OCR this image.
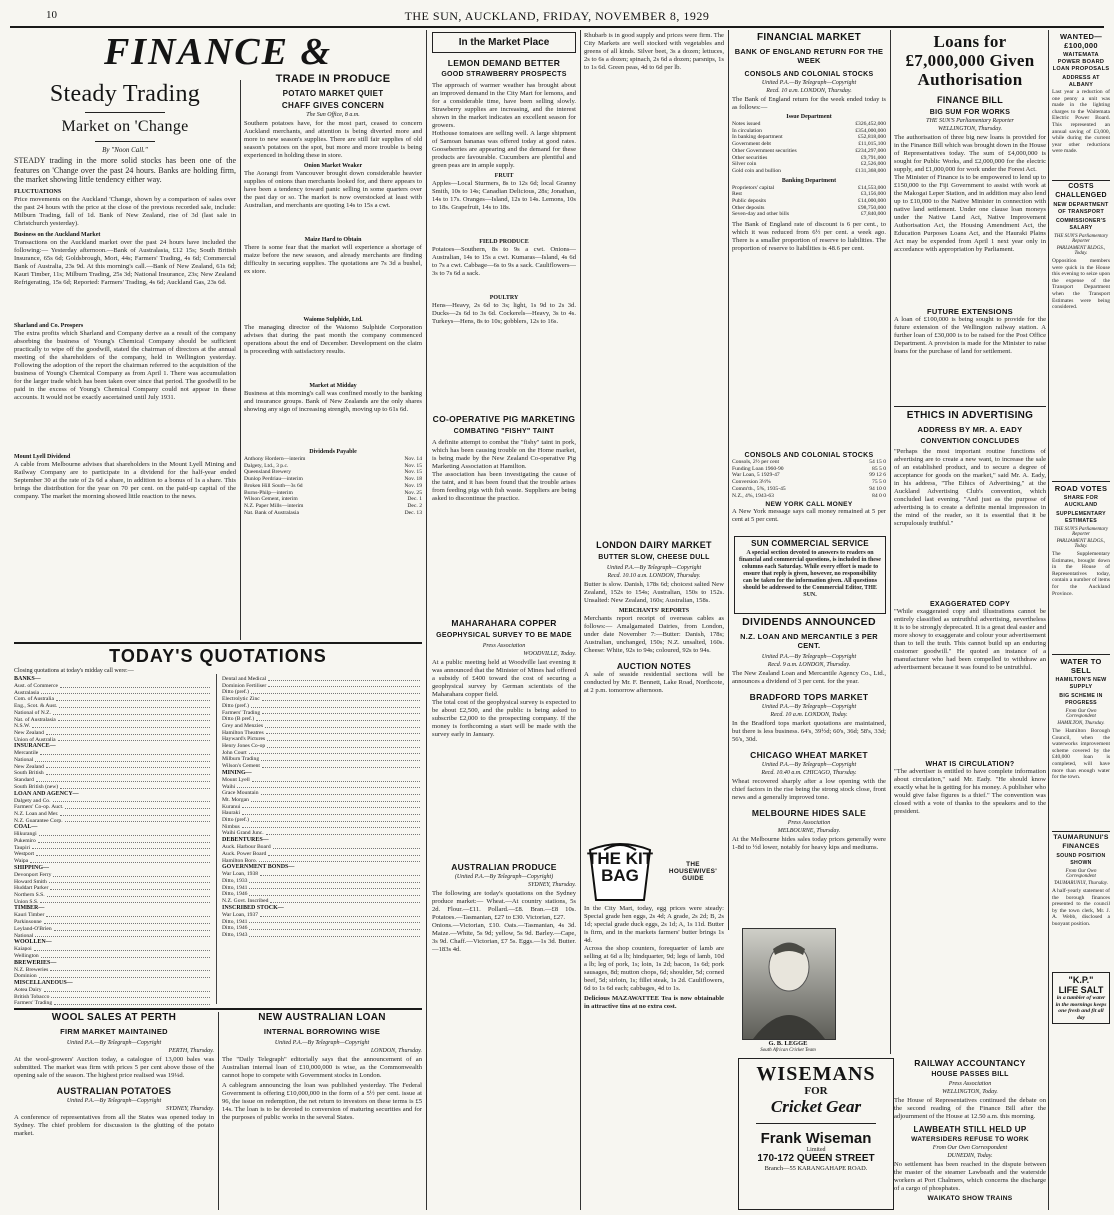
10	THE SUN, AUCKLAND, FRIDAY, NOVEMBER 8, 1929
FINANCE &
Steady Trading
Market on 'Change
By "Noon Call."

STEADY trading in the more solid stocks has been one of the features on 'Change over the past 24 hours. Banks are holding firm, the market showing little tendency either way.

FLUCTUATIONS

Price movements on the Auckland 'Change, shown by a comparison of sales over the past 24 hours with the price at the close of the previous recorded sale, include: Milburn Trading, fall of 1d. Bank of New Zealand, rise of 3d (last sale in Christchurch yesterday).

Business on the Auckland Market

Transactions on the Auckland market over the past 24 hours have included the following:— Yesterday afternoon.—Bank of Australasia, £12 15s; South British Insurance, 65s 6d; Goldsbrough, Mort, 44s; Farmers' Trading, 4s 6d; Commercial Bank of Australia, 23s 9d. At this morning's call.—Bank of New Zealand, 61s 6d; Kauri Timber, 11s; Milburn Trading, 25s 3d; National Insurance, 23s; New Zealand Refrigerating, 15s 6d; Reported: Farmers' Trading, 4s 6d; Auckland Gas, 23s 6d.

Sharland and Co. Prospers

The extra profits which Sharland and Company derive as a result of the company absorbing the business of Young's Chemical Company should be sufficient practically to wipe off the goodwill, stated the chairman of directors at the annual meeting of the shareholders of the company, held in Wellington yesterday. Following the adoption of the report the chairman referred to the acquisition of the business of Young's Chemical Company as from April 1. There was accumulation for the larger trade which has been taken over since that period. The goodwill to be paid in the excess of Young's Chemical Company could not appear in these accounts. It would not be exactly ascertained until July 1931.

Mount Lyell Dividend

A cable from Melbourne advises that shareholders in the Mount Lyell Mining and Railway Company are to participate in a dividend for the half-year ended September 30 at the rate of 2s 6d a share, in addition to a bonus of 1s a share. This brings the distribution for the year on 70 per cent. on the paid-up capital of the company. The market the morning showed little reaction to the news.

TRADE IN PRODUCE
POTATO MARKET QUIET
CHAFF GIVES CONCERN
The Sun Office, 8 a.m.

Southern potatoes have, for the most part, ceased to concern Auckland merchants, and attention is being diverted more and more to new season's supplies. There are still fair supplies of old season's potatoes on the spot, but more and more trouble is being experienced in holding these in store.

Onion Market Weaker

The Aorangi from Vancouver brought down considerable heavier supplies of onions than merchants looked for, and there appears to have been a tendency toward panic selling in some quarters over the past day or so. The market is now overstocked at least with Australian, and merchants are quoting 14s to 15s a cwt.

Maize Hard to Obtain

There is some fear that the market will experience a shortage of maize before the new season, and already merchants are finding difficulty in securing supplies. The quotations are 7s 3d a bushel, ex store.

Waiomo Sulphide, Ltd.

The managing director of the Waiomo Sulphide Corporation advises that during the past month the company commenced operations about the end of December. Development on the claim is proceeding with satisfactory results.

Market at Midday

Business at this morning's call was confined mostly to the banking and insurance groups. Bank of New Zealands are the only shares showing any sign of increasing strength, moving up to 61s 6d.

Dividends Payable
Anthony Hordern—interim	Nov. 14
Dalgety, Ltd., 3 p.c.	Nov. 15
Queensland Brewery	Nov. 15
Dunlop Perdriau—interim	Nov. 18
Broken Hill South—3s 6d	Nov. 19
Burns-Philp—interim	Nov. 25
Wilson Cement, interim	Dec. 1
N.Z. Paper Mills—interim	Dec. 2
Nat. Bank of Australasia	Dec. 13
TODAY'S QUOTATIONS
Closing quotations at today's midday call were:—
BANKS—
Aust. of Commerce
Australasia
Com. of Australia
Eng., Scot. & Aust.
National of N.Z.
Nat. of Australasia
N.S.W.
New Zealand
Union of Australia
INSURANCE—
Mercantile
National
New Zealand
South British
Standard
South British (new)
LOAN AND AGENCY—
Dalgety and Co.
Farmers' Co-op. Auct.
N.Z. Loan and Mer.
N.Z. Guarantee Corp.
COAL—
Hikurangi
Pukemiro
Taupiri
Westport
Waipa
SHIPPING—
Devonport Ferry
Howard Smith
Huddart Parker
Northern S.S.
Union S.S.
TIMBER—
Kauri Timber
Parkinsonne
Leyland-O'Brien
National
WOOLLEN—
Kaiapoi
Wellington
BREWERIES—
N.Z. Breweries
Dominion
MISCELLANEOUS—
Aotea Dairy
British Tobacco
Farmers' Trading
Dental and Medical
Dominion Fertiliser
Ditto (pref.)
Electrolytic Zinc
Ditto (pref.)
Farmers' Trading
Ditto (B pref.)
Grey and Menzies
Hamilton Theatres
Hayward's Pictures
Henry Jones Co-op
John Court
Milburn Trading
Wilson's Cement
MINING—
Mount Lyell
Waihi
Grace Mountain
Mt. Morgan
Kuranui
Hauraki
Ditto (pref.)
Nimbus
Waihi Grand Junc.
DEBENTURES—
Auck. Harbour Board
Auck. Power Board
Hamilton Boro.
GOVERNMENT BONDS—
War Loan, 1938
Ditto, 1933
Ditto, 1941
Ditto, 1946
N.Z. Govt. Inscribed
INSCRIBED STOCK—
War Loan, 1937
Ditto, 1941
Ditto, 1946
Ditto, 1943
WOOL SALES AT PERTH
FIRM MARKET MAINTAINED
United P.A.—By Telegraph—Copyright
PERTH, Thursday.

At the wool-growers' Auction today, a catalogue of 13,000 bales was submitted. The market was firm with prices 5 per cent above those of the opening sale of the season. The highest price realised was 19¼d.

AUSTRALIAN POTATOES
United P.A.—By Telegraph—Copyright
SYDNEY, Thursday.

A conference of representatives from all the States was opened today in Sydney. The chief problem for discussion is the glutting of the potato market.

NEW AUSTRALIAN LOAN
INTERNAL BORROWING WISE
United P.A.—By Telegraph—Copyright
LONDON, Thursday.

The "Daily Telegraph" editorially says that the announcement of an Australian internal loan of £10,000,000 is wise, as the Commonwealth cannot hope to compete with Government stocks in London.

A cablegram announcing the loan was published yesterday. The Federal Government is offering £10,000,000 in the form of a 5½ per cent. issue at 96, the issue on redemption, the net return to investors on these terms is £5 14s. The loan is to be devoted to conversion of maturing securities and for the purposes of public works in the several States.

In the Market Place
LEMON DEMAND BETTER
GOOD STRAWBERRY PROSPECTS

The approach of warmer weather has brought about an improved demand in the City Mart for lemons, and for a considerable time, have been selling slowly. Strawberry supplies are increasing, and the interest shown in the market indicates an excellent season for growers.

Hothouse tomatoes are selling well. A large shipment of Samoan bananas was offered today at good rates. Gooseberries are appearing and the demand for these products are favourable. Cucumbers are plentiful and green peas are in ample supply.

FRUIT

Apples—Local Sturmers, 8s to 12s 6d; local Granny Smith, 10s to 14s; Canadian Delicious, 28s; Jonathan, 14s to 17s. Oranges—Island, 12s to 14s. Lemons, 10s to 18s. Grapefruit, 14s to 18s.

FIELD PRODUCE

Potatoes—Southern, 8s to 9s a cwt. Onions—Australian, 14s to 15s a cwt. Kumaras—Island, 4s 6d to 7s a cwt. Cabbage—6s to 9s a sack. Cauliflowers—3s to 7s 6d a sack.

POULTRY

Hens—Heavy, 2s 6d to 3s; light, 1s 9d to 2s 3d. Ducks—2s 6d to 3s 6d. Cockerels—Heavy, 3s to 4s. Turkeys—Hens, 8s to 10s; gobblers, 12s to 16s.

CO-OPERATIVE PIG MARKETING
COMBATING "FISHY" TAINT

A definite attempt to combat the "fishy" taint in pork, which has been causing trouble on the Home market, is being made by the New Zealand Co-operative Pig Marketing Association at Hamilton.

The association has been investigating the cause of the taint, and it has been found that the trouble arises from feeding pigs with fish waste. Suppliers are being asked to discontinue the practice.

MAHARAHARA COPPER
GEOPHYSICAL SURVEY TO BE MADE
Press Association
WOODVILLE, Today.

At a public meeting held at Woodville last evening it was announced that the Minister of Mines had offered a subsidy of £400 toward the cost of securing a geophysical survey by German scientists of the Maharahara copper field.

The total cost of the geophysical survey is expected to be about £2,500, and the public is being asked to subscribe £2,000 to the prospecting company. If the money is forthcoming a start will be made with the survey early in January.

AUSTRALIAN PRODUCE
(United P.A.—By Telegraph—Copyright)
SYDNEY, Thursday.

The following are today's quotations on the Sydney produce market:— Wheat.—At country stations, 5s 2d. Flour.—£11. Pollard.—£8. Bran.—£8 10s. Potatoes.—Tasmanian, £27 to £30. Victorian, £27.

Onions.—Victorian, £10. Oats.—Tasmanian, 4s 3d. Maize.—White, 5s 9d; yellow, 5s 9d. Barley.—Cape, 3s 9d. Chaff.—Victorian, £7 5s. Eggs.—1s 3d. Butter.—183s 4d.

Rhubarb is in good supply and prices were firm. The City Markets are well stocked with vegetables and greens of all kinds. Silver beet, 3s a dozen; lettuces, 2s to 6s a dozen; spinach, 2s 6d a dozen; parsnips, 1s to 1s 6d. Green peas, 4d to 6d per lb.

LONDON DAIRY MARKET
BUTTER SLOW, CHEESE DULL
United P.A.—By Telegraph—Copyright
Recd. 10.10 a.m. LONDON, Thursday.

Butter is slow. Danish, 178s 6d; choicest salted New Zealand, 152s to 154s; Australian, 150s to 152s. Unsalted: New Zealand, 160s; Australian, 158s.

MERCHANTS' REPORTS

Merchants report receipt of overseas cables as follows:— Amalgamated Dairies, from London, under date November 7:—Butter: Danish, 178s; Australian, unchanged, 150s; N.Z. unsalted, 160s. Cheese: White, 92s to 94s; coloured, 92s to 94s.

AUCTION NOTES

A sale of seaside residential sections will be conducted by Mr. F. Bennett, Lake Road, Northcote, at 2 p.m. tomorrow afternoon.

THE KIT BAG
THE HOUSEWIVES' GUIDE

In the City Mart, today, egg prices were steady: Special grade hen eggs, 2s 4d; A grade, 2s 2d; B, 2s 1d; special grade duck eggs, 2s 1d; A, 1s 11d. Butter is firm, and in the markets farmers' butter brings 1s 4d.

Across the shop counters, forequarter of lamb are selling at 6d a lb; hindquarter, 9d; legs of lamb, 10d a lb; leg of pork, 1s; loin, 1s 2d; bacon, 1s 6d; pork sausages, 8d; mutton chops, 6d; shoulder, 5d; corned beef, 5d; sirloin, 1s; fillet steak, 1s 2d. Cauliflowers, 6d to 1s 6d each; cabbages, 4d to 1s.

Delicious MAZAWATTEE Tea is now obtainable in attractive tins at no extra cost.

G. B. LEGGE
South African Cricket Team
WISEMANS
FOR
Cricket Gear
Frank Wiseman
Limited
170-172 QUEEN STREET
Branch—55 KARANGAHAPE ROAD.
FINANCIAL MARKET
BANK OF ENGLAND RETURN FOR THE WEEK
CONSOLS AND COLONIAL STOCKS
United P.A.—By Telegraph—Copyright
Recd. 10 a.m. LONDON, Thursday.

The Bank of England return for the week ended today is as follows:—

Issue Department
Notes issued	£326,452,000
In circulation	£354,000,000
In banking department	£52,818,000
Government debt	£11,015,100
Other Government securities	£234,297,000
Other securities	£9,791,000
Silver coin	£2,526,000
Gold coin and bullion	£131,368,000
Banking Department
Proprietors' capital	£14,553,000
Rest	£3,156,000
Public deposits	£14,000,000
Other deposits	£98,750,000
Seven-day and other bills	£7,840,000

The Bank of England rate of discount is 6 per cent., to which it was reduced from 6½ per cent. a week ago. There is a smaller proportion of reserve to liabilities. The proportion of reserve to liabilities is 48.6 per cent.

CONSOLS AND COLONIAL STOCKS
Consols, 2½ per cent	54 15 0
Funding Loan 1960-90	85 5 0
War Loan, 5 1929-47	99 12 6
Conversion 3½%	75 5 0
Comm'th., 5%, 1935-45	94 10 0
N.Z., 4%, 1943-63	84 0 0
NEW YORK CALL MONEY

A New York message says call money remained at 5 per cent at 5 per cent.

SUN COMMERCIAL SERVICE

A special section devoted to answers to readers on financial and commercial questions, is included in these columns each Saturday. While every effort is made to ensure that reply is given, however, no responsibility can be taken for the information given. All questions should be addressed to the Commercial Editor, THE SUN.

DIVIDENDS ANNOUNCED
N.Z. LOAN AND MERCANTILE 3 PER CENT.
United P.A.—By Telegraph—Copyright
Recd. 9 a.m. LONDON, Thursday.

The New Zealand Loan and Mercantile Agency Co., Ltd., announces a dividend of 3 per cent. for the year.

BRADFORD TOPS MARKET
United P.A.—By Telegraph—Copyright
Recd. 10 a.m. LONDON, Today.

In the Bradford tops market quotations are maintained, but there is less business. 64's, 39½d; 60's, 36d; 58's, 33d; 56's, 30d.

CHICAGO WHEAT MARKET
United P.A.—By Telegraph—Copyright
Recd. 10.40 a.m. CHICAGO, Thursday.

Wheat recovered sharply after a low opening with the chief factors in the rise being the strong stock close, front news and a generally improved tone.

MELBOURNE HIDES SALE
Press Association
MELBOURNE, Thursday.

At the Melbourne hides sales today prices generally were 1-8d to ½d lower, notably for heavy kips and mediums.

Loans for £7,000,000 Given Authorisation
FINANCE BILL
BIG SUM FOR WORKS
THE SUN'S Parliamentary Reporter
WELLINGTON, Thursday.

The authorisation of three big new loans is provided for in the Finance Bill which was brought down in the House of Representatives today. The sum of £4,000,000 is sought for Public Works, and £2,000,000 for the electric supply, and £1,000,000 for work under the Forest Act.

The Minister of Finance is to be empowered to lend up to £150,000 to the Fiji Government to assist with work at the Makogai Leper Station, and in addition may also lend up to £10,000 to the Native Minister in connection with native land settlement. Under one clause loan moneys under the Native Land Act, Native Improvement Authorisation Act, the Housing Amendment Act, the Education Purposes Loans Act, and the Hauraki Plains Act may be expended from April 1 next year only in accordance with appropriation by Parliament.

FUTURE EXTENSIONS

A loan of £100,000 is being sought to provide for the future extension of the Wellington railway station. A further loan of £30,000 is to be raised for the Post Office Department. A provision is made for the Minister to raise loans for the purchase of land for settlement.

ETHICS IN ADVERTISING
ADDRESS BY MR. A. EADY
CONVENTION CONCLUDES

"Perhaps the most important routine functions of advertising are to create a new want, to increase the sale of an established product, and to secure a degree of acceptance for goods on the market," said Mr. A. Eady, in his address, "The Ethics of Advertising," at the Auckland Advertising Club's convention, which concluded last evening. "And just as the purpose of advertising is to create a definite mental impression in the mind of the reader, so it is essential that it be scrupulously truthful."

EXAGGERATED COPY

"While exaggerated copy and illustrations cannot be entirely classified as untruthful advertising, nevertheless it is to be strongly deprecated. It is a great deal easier and more showy to exaggerate and colour your advertisement than to tell the truth. This cannot build up an enduring customer goodwill." He quoted an instance of a manufacturer who had been compelled to withdraw an advertisement because it was found to be untruthful.

WHAT IS CIRCULATION?

"The advertiser is entitled to have complete information about circulation," said Mr. Eady. "He should know exactly what he is getting for his money. A publisher who would give false figures is a thief." The convention was closed with a vote of thanks to the speakers and to the president.

RAILWAY ACCOUNTANCY
HOUSE PASSES BILL
Press Association
WELLINGTON, Today.

The House of Representatives continued the debate on the second reading of the Finance Bill after the adjournment of the House at 12.50 a.m. this morning.

LAWBEATH STILL HELD UP
WATERSIDERS REFUSE TO WORK
From Our Own Correspondent
DUNEDIN, Today.

No settlement has been reached in the dispute between the master of the steamer Lawbeath and the waterside workers at Port Chalmers, which concerns the discharge of a cargo of phosphates.

WAIKATO SHOW TRAINS
WANTED—£100,000
WAITEMATA POWER BOARD LOAN PROPOSALS
ADDRESS AT ALBANY

Last year a reduction of one penny a unit was made in the lighting charges to the Waitemata Electric Power Board. This represented an annual saving of £3,000, while during the current year other reductions were made.

COSTS CHALLENGED
NEW DEPARTMENT OF TRANSPORT
COMMISSIONER'S SALARY
THE SUN'S Parliamentary Reporter
PARLIAMENT BLDGS., Today.

Opposition members were quick in the House this evening to seize upon the expense of the Transport Department when the Transport Estimates were being considered.

ROAD VOTES
SHARE FOR AUCKLAND
SUPPLEMENTARY ESTIMATES
THE SUN'S Parliamentary Reporter
PARLIAMENT BLDGS., Today.

The Supplementary Estimates, brought down in the House of Representatives today, contain a number of items for the Auckland Province.

WATER TO SELL
HAMILTON'S NEW SUPPLY
BIG SCHEME IN PROGRESS
From Our Own Correspondent
HAMILTON, Thursday.

The Hamilton Borough Council, when the waterworks improvement scheme covered by the £40,000 loan is completed, will have more than enough water for the town.

TAUMARUNUI'S FINANCES
SOUND POSITION SHOWN
From Our Own Correspondent
TAUMARUNUI, Thursday.

A half-yearly statement of the borough finances presented to the council by the town clerk, Mr. J. A. Webb, disclosed a buoyant position.

"K.P."
LIFE SALT
in a tumbler of water in the mornings keeps one fresh and fit all day
